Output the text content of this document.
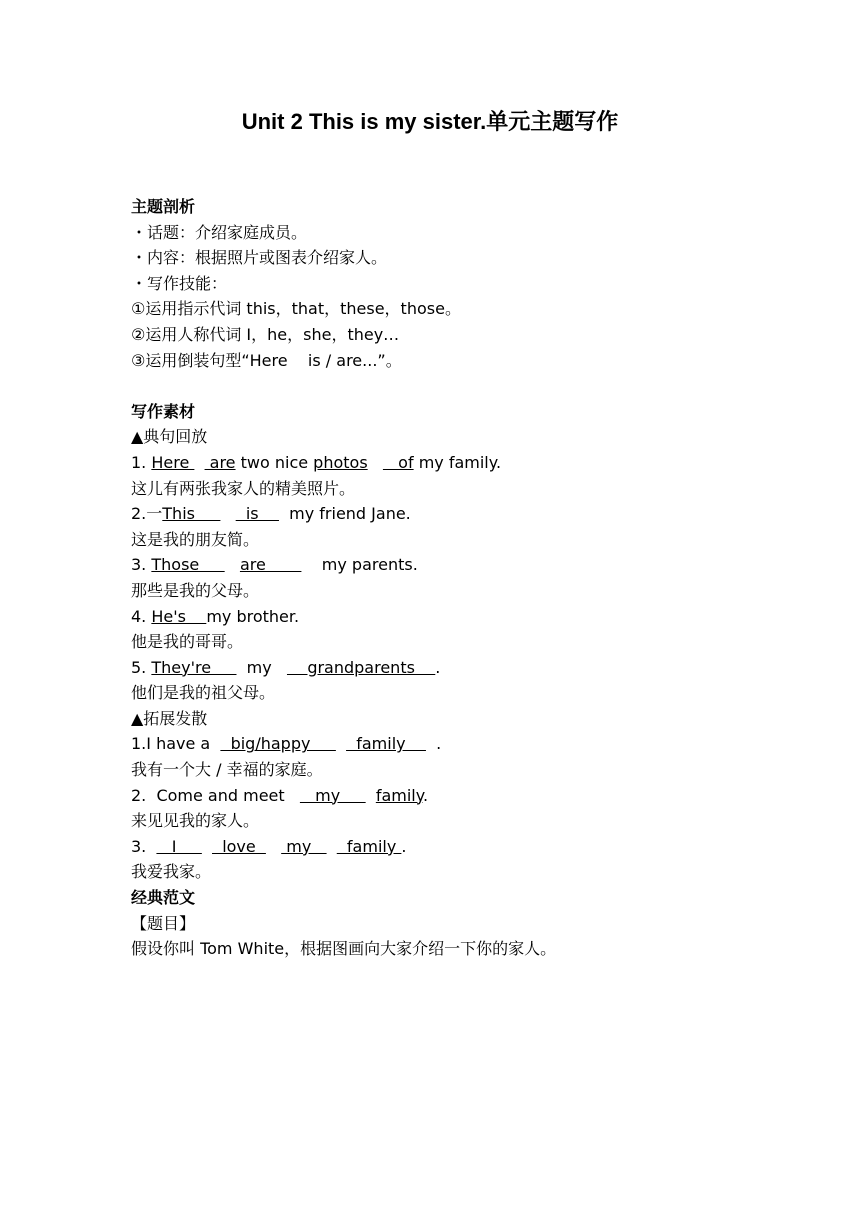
Unit 2 This is my sister.单元主题写作
主题剖析
・话题：介绍家庭成员。
・内容：根据照片或图表介绍家人。
・写作技能：
①运用指示代词 this，that，these，those。
②运用人称代词 I，he，she，they…
③运用倒装句型“Here    is / are...”。
写作素材
▲典句回放
1. Here    are two nice photos      of my family.
这儿有两张我家人的精美照片。
2.一This          is      my friend Jane.
这是我的朋友简。
3. Those        are           my parents.
那些是我的父母。
4. He's    my brother.
他是我的哥哥。
5. They're       my       grandparents    .
他们是我的祖父母。
▲拓展发散
1.I have a    big/happy         family      .
我有一个大 / 幸福的家庭。
2.  Come and meet      my       family.
来见见我的家人。
3.     I         love      my       family .
我爱我家。
经典范文
【题目】
假设你叫 Tom White，根据图画向大家介绍一下你的家人。
